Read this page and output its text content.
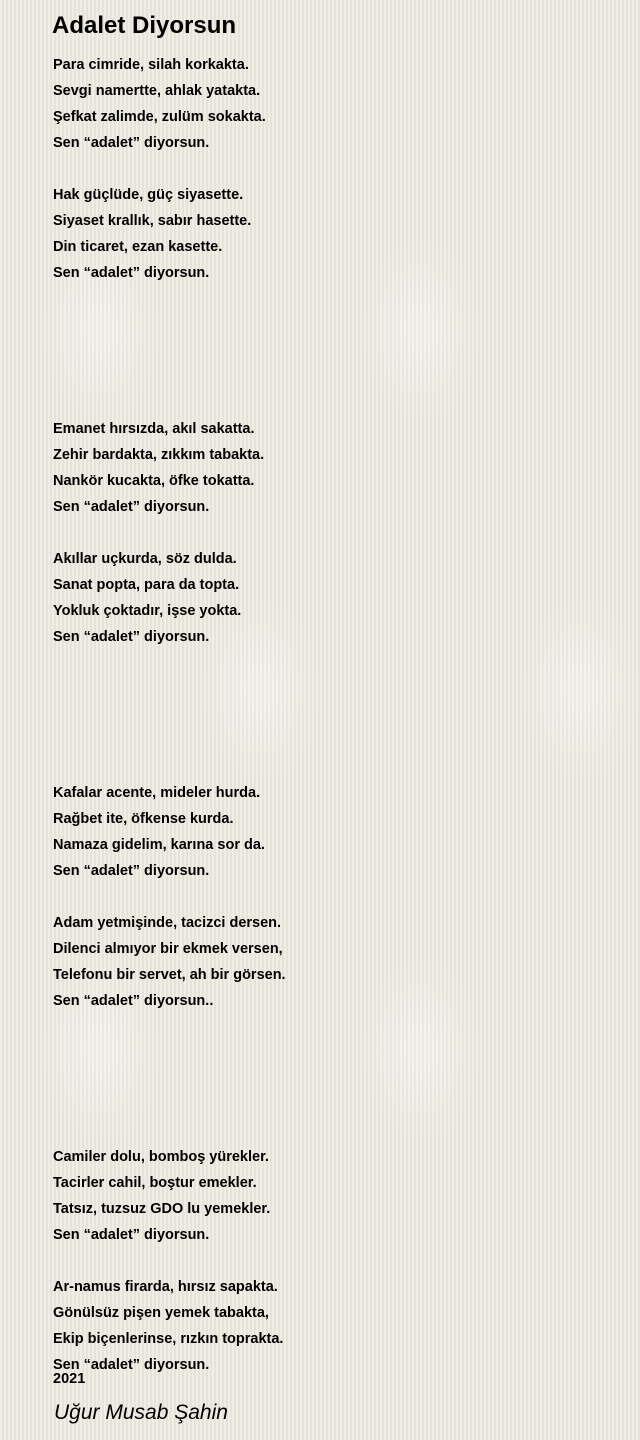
Adalet Diyorsun
Para cimride, silah korkakta.
Sevgi namertte, ahlak yatakta.
Şefkat zalimde, zulüm sokakta.
Sen “adalet” diyorsun.
Hak güçlüde, güç siyasette.
Siyaset krallık, sabır hasette.
Din ticaret, ezan kasette.
Sen “adalet” diyorsun.
Emanet hırsızda, akıl sakatta.
Zehir bardakta, zıkkım tabakta.
Nankör kucakta, öfke tokatta.
Sen “adalet” diyorsun.
Akıllar uçkurda, söz dulda.
Sanat popta, para da topta.
Yokluk çoktadır, işse yokta.
Sen “adalet” diyorsun.
Kafalar acente, mideler hurda.
Rağbet ite, öfkense kurda.
Namaza gidelim, karına sor da.
Sen “adalet” diyorsun.
Adam yetmişinde, tacizci dersen.
Dilenci almıyor bir ekmek versen,
Telefonu bir servet, ah bir görsen.
Sen “adalet” diyorsun..
Camiler dolu, bomboş yürekler.
Tacirler cahil, boştur emekler.
Tatsız, tuzsuz GDO lu yemekler.
Sen “adalet” diyorsun.
Ar-namus firarda, hırsız sapakta.
Gönülsüz pişen yemek tabakta,
Ekip biçenlerinse, rızkın toprakta.
Sen “adalet” diyorsun.
2021
Uğur Musab Şahin
